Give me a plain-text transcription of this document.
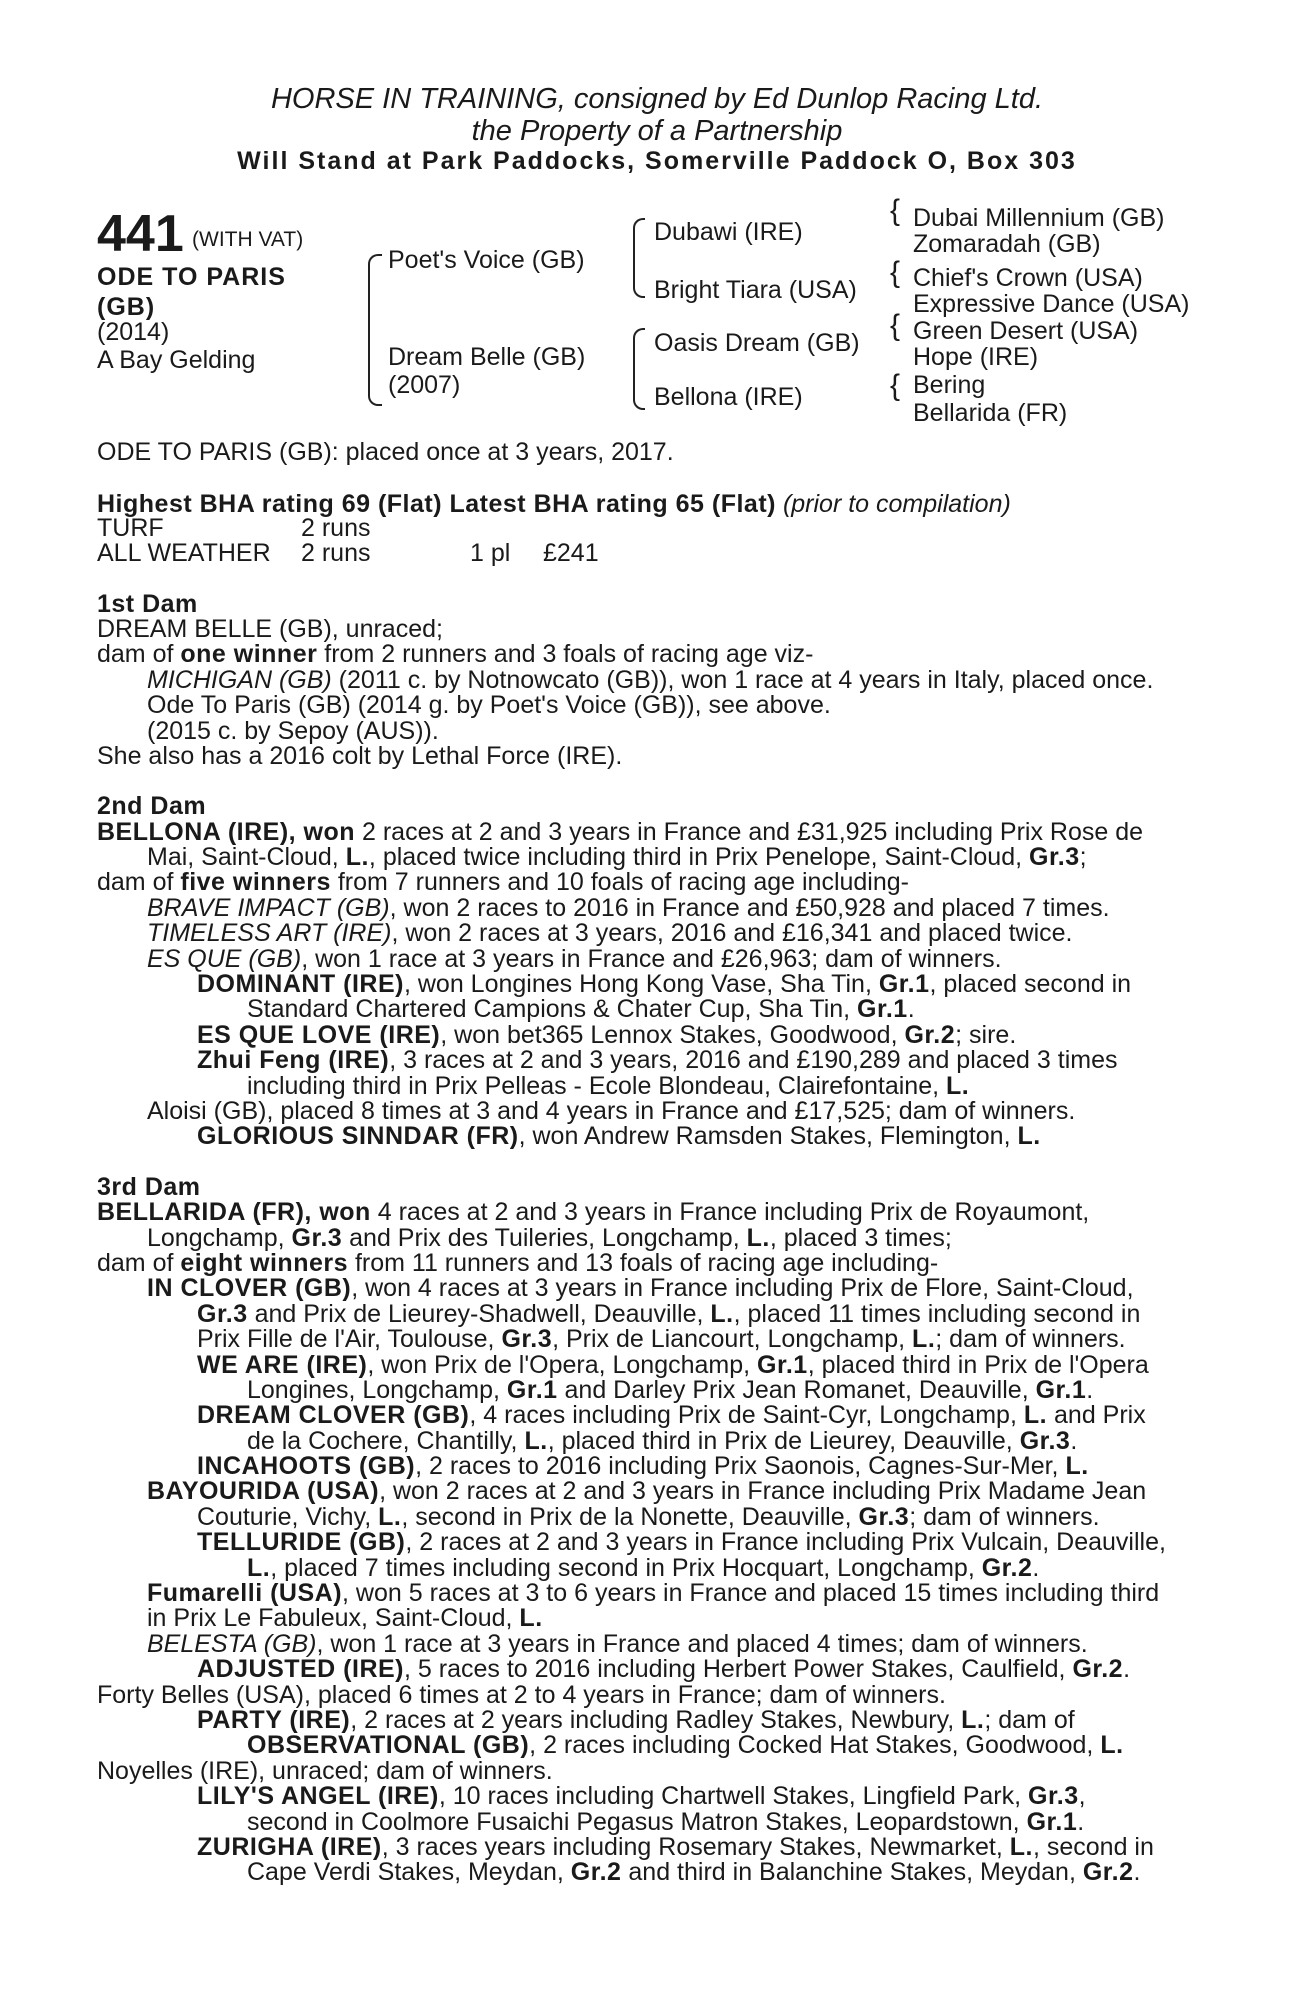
HORSE IN TRAINING, consigned by Ed Dunlop Racing Ltd.
the Property of a Partnership
Will Stand at Park Paddocks, Somerville Paddock O, Box 303
441 (WITH VAT)
ODE TO PARIS
(GB)
(2014)
A Bay Gelding
Poet's Voice (GB)
Dream Belle (GB)
(2007)
Dubawi (IRE)
Bright Tiara (USA)
Oasis Dream (GB)
Bellona (IRE)
{ Dubai Millennium (GB)
Zomaradah (GB)
{ Chief's Crown (USA)
Expressive Dance (USA)
{ Green Desert (USA)
Hope (IRE)
{ Bering
Bellarida (FR)
ODE TO PARIS (GB): placed once at 3 years, 2017.
Highest BHA rating 69 (Flat) Latest BHA rating 65 (Flat) (prior to compilation)
TURF	2 runs
ALL WEATHER 2 runs	1 pl £241
1st Dam
DREAM BELLE (GB), unraced;
dam of one winner from 2 runners and 3 foals of racing age viz-
MICHIGAN (GB) (2011 c. by Notnowcato (GB)), won 1 race at 4 years in Italy, placed once.
Ode To Paris (GB) (2014 g. by Poet's Voice (GB)), see above.
(2015 c. by Sepoy (AUS)).
She also has a 2016 colt by Lethal Force (IRE).
2nd Dam
BELLONA (IRE), won 2 races at 2 and 3 years in France and £31,925 including Prix Rose de
Mai, Saint-Cloud, L., placed twice including third in Prix Penelope, Saint-Cloud, Gr.3;
dam of five winners from 7 runners and 10 foals of racing age including-
BRAVE IMPACT (GB), won 2 races to 2016 in France and £50,928 and placed 7 times.
TIMELESS ART (IRE), won 2 races at 3 years, 2016 and £16,341 and placed twice.
ES QUE (GB), won 1 race at 3 years in France and £26,963; dam of winners.
DOMINANT (IRE), won Longines Hong Kong Vase, Sha Tin, Gr.1, placed second in
Standard Chartered Campions & Chater Cup, Sha Tin, Gr.1.
ES QUE LOVE (IRE), won bet365 Lennox Stakes, Goodwood, Gr.2; sire.
Zhui Feng (IRE), 3 races at 2 and 3 years, 2016 and £190,289 and placed 3 times
including third in Prix Pelleas - Ecole Blondeau, Clairefontaine, L.
Aloisi (GB), placed 8 times at 3 and 4 years in France and £17,525; dam of winners.
GLORIOUS SINNDAR (FR), won Andrew Ramsden Stakes, Flemington, L.
3rd Dam
BELLARIDA (FR), won 4 races at 2 and 3 years in France including Prix de Royaumont,
Longchamp, Gr.3 and Prix des Tuileries, Longchamp, L., placed 3 times;
dam of eight winners from 11 runners and 13 foals of racing age including-
IN CLOVER (GB), won 4 races at 3 years in France including Prix de Flore, Saint-Cloud,
Gr.3 and Prix de Lieurey-Shadwell, Deauville, L., placed 11 times including second in
Prix Fille de l'Air, Toulouse, Gr.3, Prix de Liancourt, Longchamp, L.; dam of winners.
WE ARE (IRE), won Prix de l'Opera, Longchamp, Gr.1, placed third in Prix de l'Opera
Longines, Longchamp, Gr.1 and Darley Prix Jean Romanet, Deauville, Gr.1.
DREAM CLOVER (GB), 4 races including Prix de Saint-Cyr, Longchamp, L. and Prix
de la Cochere, Chantilly, L., placed third in Prix de Lieurey, Deauville, Gr.3.
INCAHOOTS (GB), 2 races to 2016 including Prix Saonois, Cagnes-Sur-Mer, L.
BAYOURIDA (USA), won 2 races at 2 and 3 years in France including Prix Madame Jean
Couturie, Vichy, L., second in Prix de la Nonette, Deauville, Gr.3; dam of winners.
TELLURIDE (GB), 2 races at 2 and 3 years in France including Prix Vulcain, Deauville,
L., placed 7 times including second in Prix Hocquart, Longchamp, Gr.2.
Fumarelli (USA), won 5 races at 3 to 6 years in France and placed 15 times including third
in Prix Le Fabuleux, Saint-Cloud, L.
BELESTA (GB), won 1 race at 3 years in France and placed 4 times; dam of winners.
ADJUSTED (IRE), 5 races to 2016 including Herbert Power Stakes, Caulfield, Gr.2.
Forty Belles (USA), placed 6 times at 2 to 4 years in France; dam of winners.
PARTY (IRE), 2 races at 2 years including Radley Stakes, Newbury, L.; dam of
OBSERVATIONAL (GB), 2 races including Cocked Hat Stakes, Goodwood, L.
Noyelles (IRE), unraced; dam of winners.
LILY'S ANGEL (IRE), 10 races including Chartwell Stakes, Lingfield Park, Gr.3,
second in Coolmore Fusaichi Pegasus Matron Stakes, Leopardstown, Gr.1.
ZURIGHA (IRE), 3 races years including Rosemary Stakes, Newmarket, L., second in
Cape Verdi Stakes, Meydan, Gr.2 and third in Balanchine Stakes, Meydan, Gr.2.
